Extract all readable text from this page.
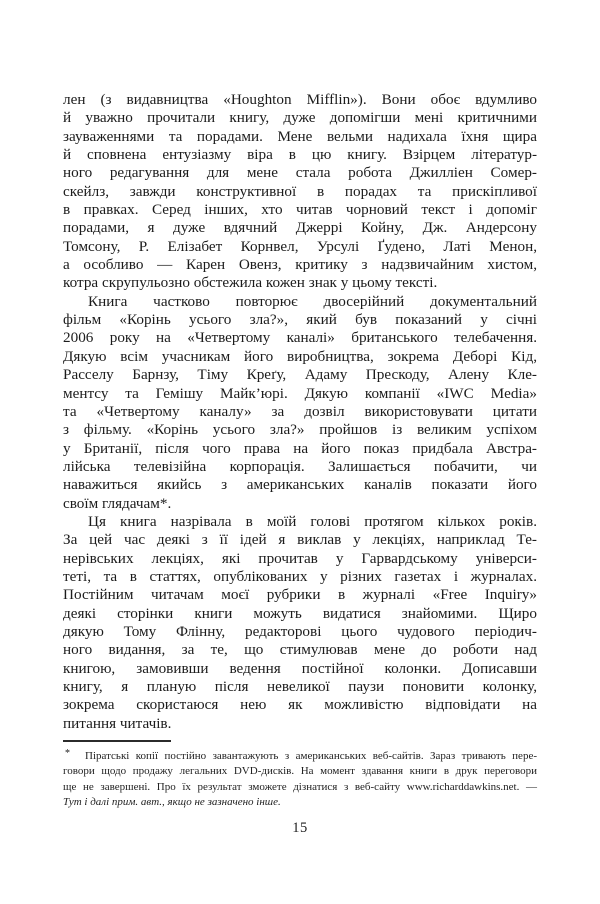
лен (з видавництва «Houghton Mifflin»). Вони обоє вдумливо
й уважно прочитали книгу, дуже допомігши мені критичними
зауваженнями та порадами. Мене вельми надихала їхня щира
й сповнена ентузіазму віра в цю книгу. Взірцем літератур-
ного редагування для мене стала робота Джилліен Сомер-
скейлз, завжди конструктивної в порадах та прискіпливої
в правках. Серед інших, хто читав чорновий текст і допоміг
порадами, я дуже вдячний Джеррі Койну, Дж. Андерсону
Томсону, Р. Елізабет Корнвел, Урсулі Ґудено, Латі Менон,
а особливо — Карен Овенз, критику з надзвичайним хистом,
котра скрупульозно обстежила кожен знак у цьому тексті.
Книга частково повторює двосерійний документальний
фільм «Корінь усього зла?», який був показаний у січні
2006 року на «Четвертому каналі» британського телебачення.
Дякую всім учасникам його виробництва, зокрема Деборі Кід,
Расселу Барнзу, Тіму Креґу, Адаму Прескоду, Алену Кле-
ментсу та Гемішу Майк’юрі. Дякую компанії «IWC Media»
та «Четвертому каналу» за дозвіл використовувати цитати
з фільму. «Корінь усього зла?» пройшов із великим успіхом
у Британії, після чого права на його показ придбала Австра-
лійська телевізійна корпорація. Залишається побачити, чи
наважиться якийсь з американських каналів показати його
своїм глядачам*.
Ця книга назрівала в моїй голові протягом кількох років.
За цей час деякі з її ідей я виклав у лекціях, наприклад Те-
нерівських лекціях, які прочитав у Гарвардському універси-
теті, та в статтях, опублікованих у різних газетах і журналах.
Постійним читачам моєї рубрики в журналі «Free Inquiry»
деякі сторінки книги можуть видатися знайомими. Щиро
дякую Тому Флінну, редакторові цього чудового періодич-
ного видання, за те, що стимулював мене до роботи над
книгою, замовивши ведення постійної колонки. Дописавши
книгу, я планую після невеликої паузи поновити колонку,
зокрема скористаюся нею як можливістю відповідати на
питання читачів.
*	Піратські копії постійно завантажують з американських веб-сайтів. Зараз тривають пере-
говори щодо продажу легальних DVD-дисків. На момент здавання книги в друк переговори
ще не завершені. Про їх результат зможете дізнатися з веб-сайту www.richarddawkins.net. —
Тут і далі прим. авт., якщо не зазначено інше.
15
